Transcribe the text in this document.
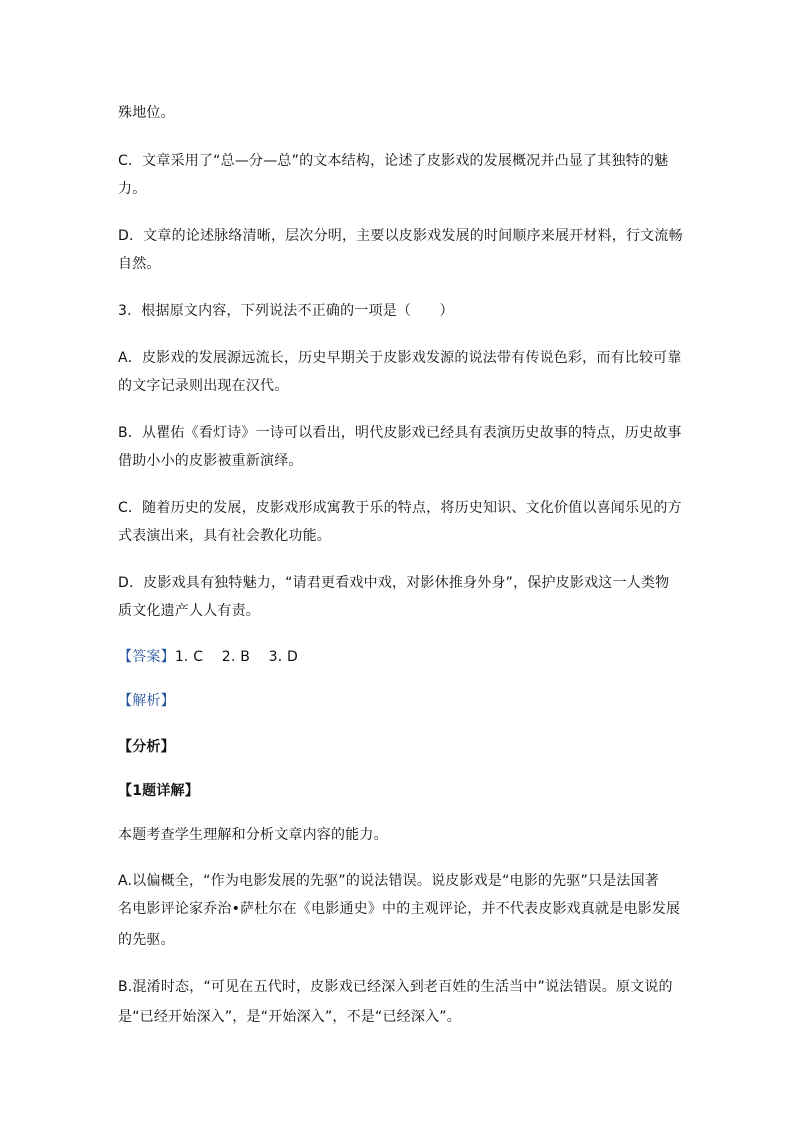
殊地位。
C．文章采用了“总—分—总”的文本结构，论述了皮影戏的发展概况并凸显了其独特的魅
力。
D．文章的论述脉络清晰，层次分明，主要以皮影戏发展的时间顺序来展开材料，行文流畅
自然。
3．根据原文内容，下列说法不正确的一项是（　　）
A．皮影戏的发展源远流长，历史早期关于皮影戏发源的说法带有传说色彩，而有比较可靠
的文字记录则出现在汉代。
B．从瞿佑《看灯诗》一诗可以看出，明代皮影戏已经具有表演历史故事的特点，历史故事
借助小小的皮影被重新演绎。
C．随着历史的发展，皮影戏形成寓教于乐的特点，将历史知识、文化价值以喜闻乐见的方
式表演出来，具有社会教化功能。
D．皮影戏具有独特魅力，“请君更看戏中戏，对影休推身外身”，保护皮影戏这一人类物
质文化遗产人人有责。
【答案】1. C    2. B    3. D
【解析】
【分析】
【1题详解】
本题考查学生理解和分析文章内容的能力。
A.以偏概全，“作为电影发展的先驱”的说法错误。说皮影戏是“电影的先驱”只是法国著
名电影评论家乔治•萨杜尔在《电影通史》中的主观评论，并不代表皮影戏真就是电影发展
的先驱。
B.混淆时态，“可见在五代时，皮影戏已经深入到老百姓的生活当中”说法错误。原文说的
是“已经开始深入”，是“开始深入”，不是“已经深入”。
